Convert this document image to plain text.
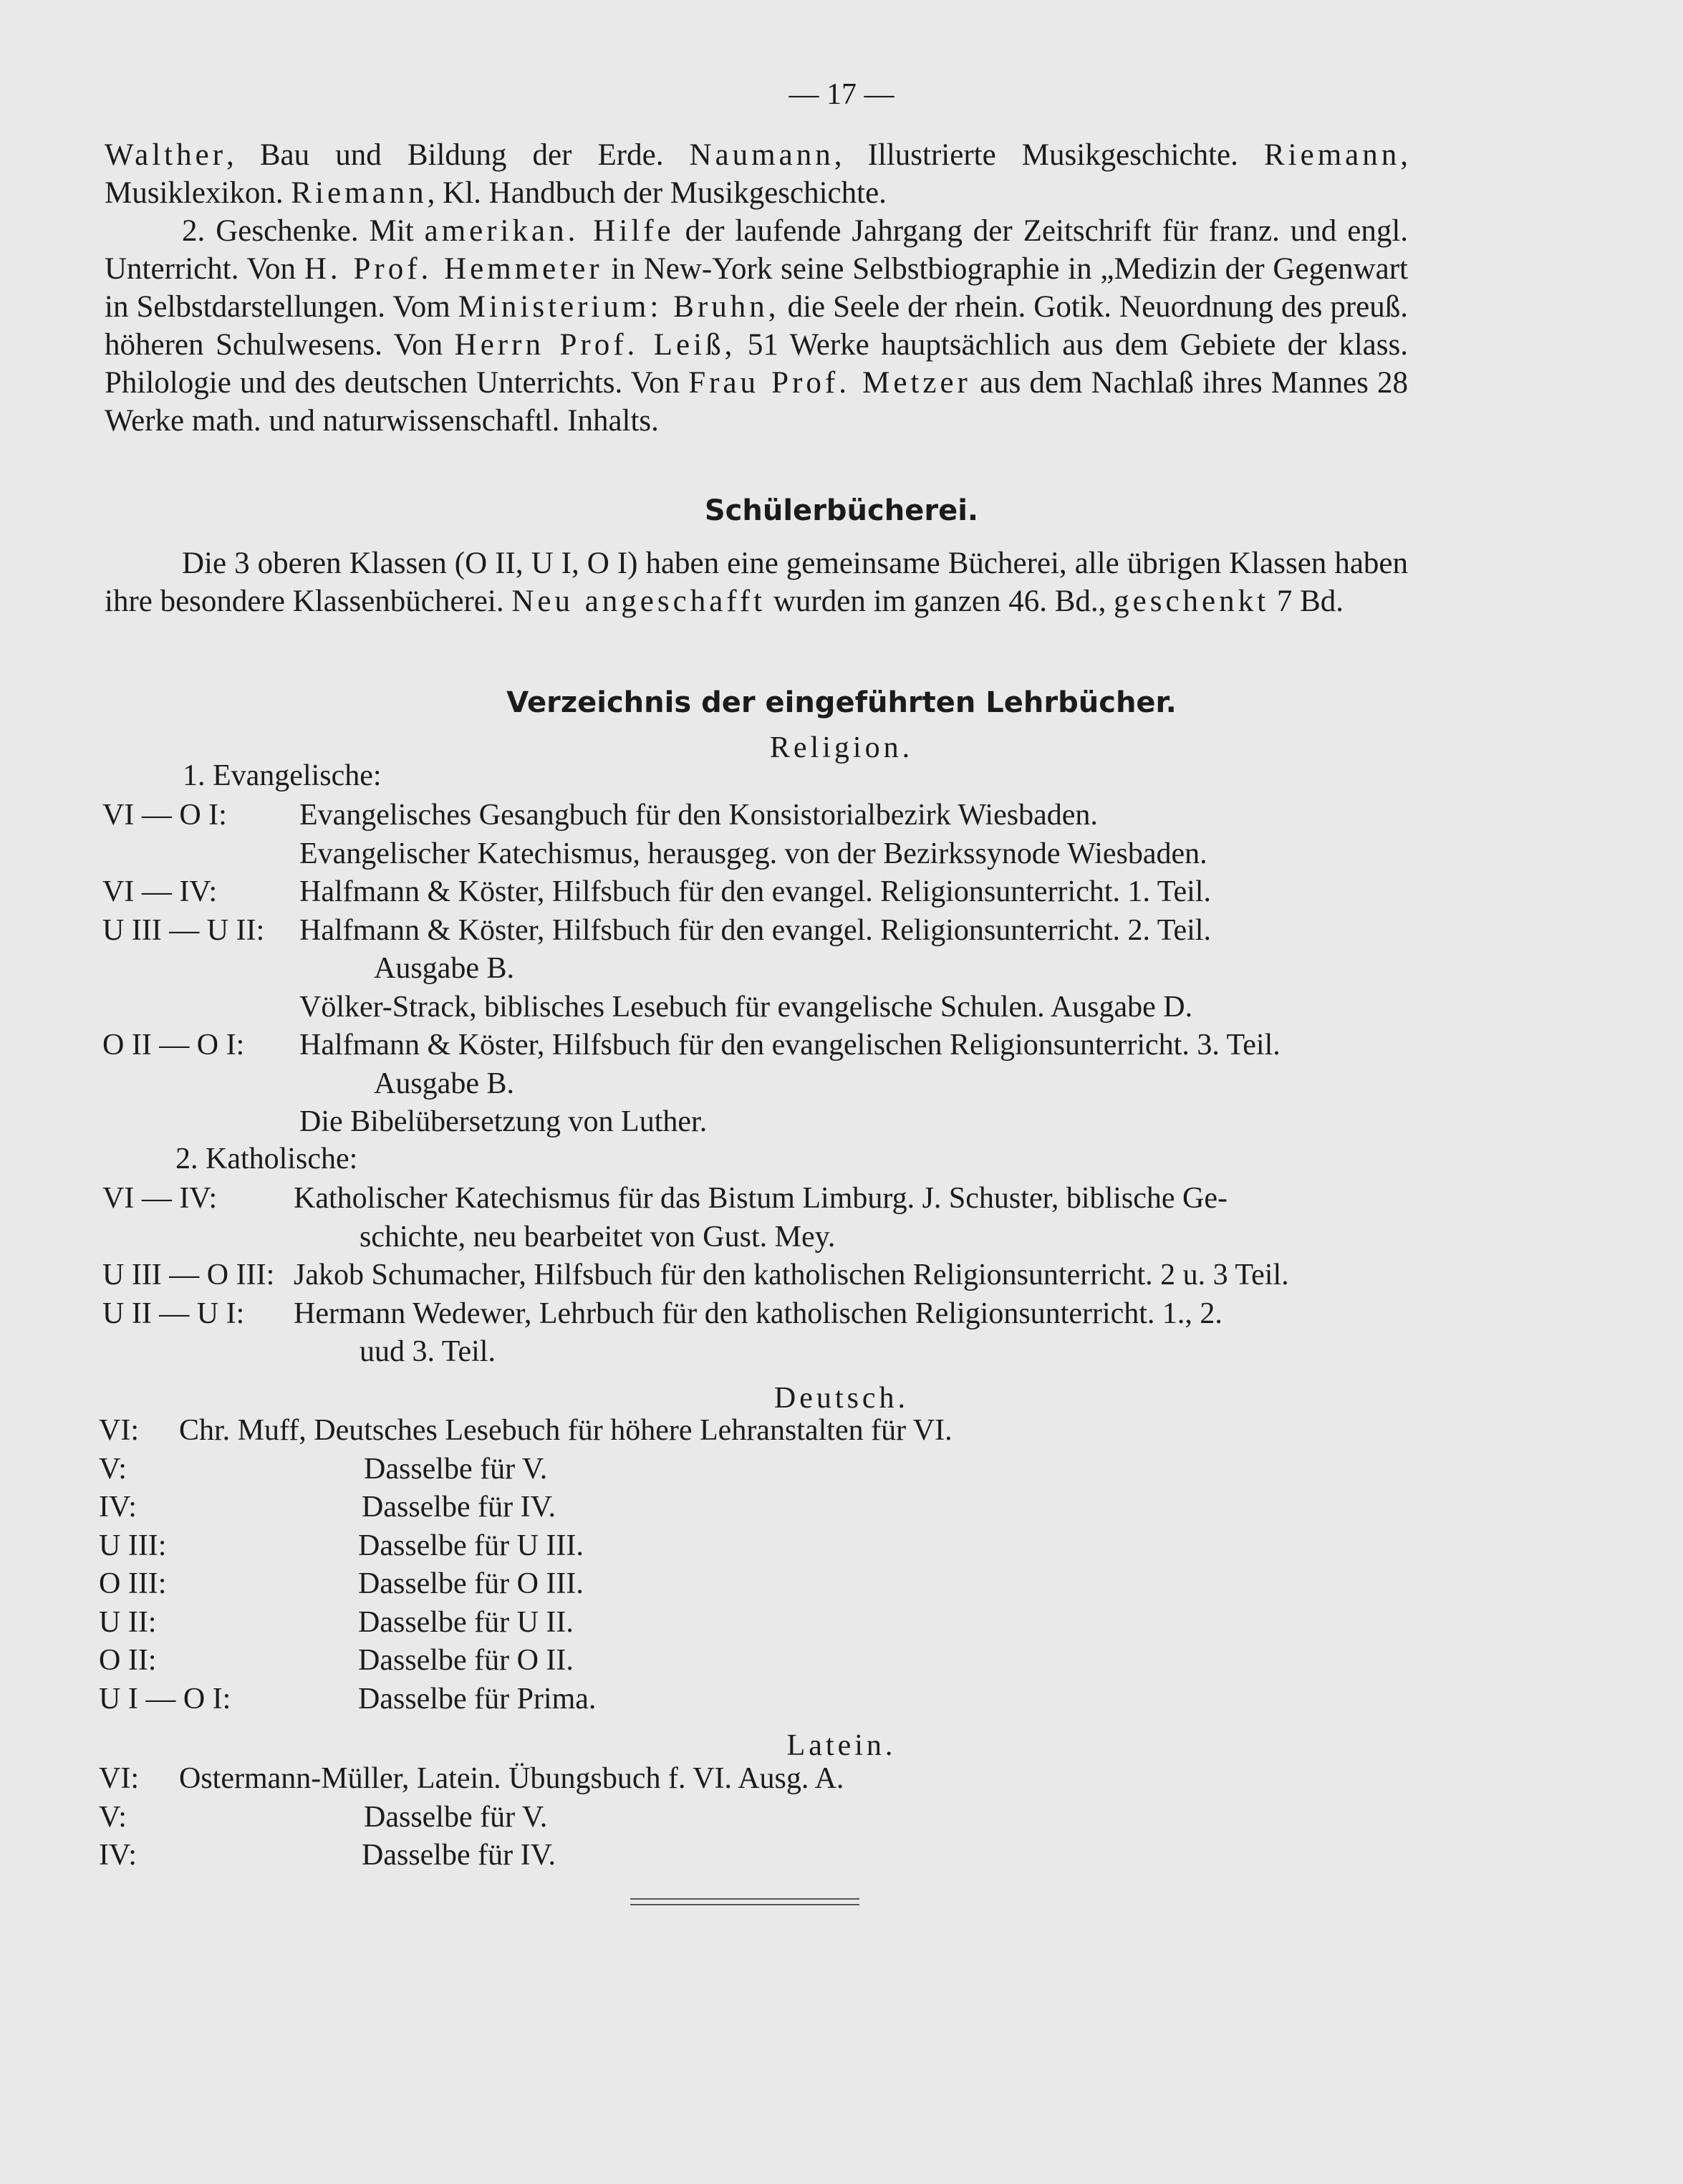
— 17 —

Walther, Bau und Bildung der Erde. Naumann, Illustrierte Musikgeschichte. Riemann,

Musiklexikon. Riemann, Kl. Handbuch der Musikgeschichte.

2. Geschenke. Mit amerikan. Hilfe der laufende Jahrgang der Zeitschrift für franz. und engl. Unterricht. Von H. Prof. Hemmeter in New-York seine Selbstbiographie in „Medizin der Gegenwart in Selbstdarstellungen. Vom Ministerium: Bruhn, die Seele der rhein. Gotik. Neuordnung des preuß. höheren Schulwesens. Von Herrn Prof. Leiß, 51 Werke hauptsächlich aus dem Gebiete der klass. Philologie und des deutschen Unterrichts. Von Frau Prof. Metzer aus dem Nachlaß ihres Mannes 28 Werke math. und naturwissenschaftl. Inhalts.

Schülerbücherei.

Die 3 oberen Klassen (O II, U I, O I) haben eine gemeinsame Bücherei, alle übrigen Klassen haben ihre besondere Klassenbücherei. Neu angeschafft wurden im ganzen 46. Bd., geschenkt 7 Bd.

Verzeichnis der eingeführten Lehrbücher.
Religion.
1. Evangelische:
VI — O I: Evangelisches Gesangbuch für den Konsistorialbezirk Wiesbaden.
Evangelischer Katechismus, herausgeg. von der Bezirkssynode Wiesbaden.
VI — IV:	Halfmann & Köster, Hilfsbuch für den evangel. Religionsunterricht. 1. Teil.
U III — U II: Halfmann & Köster, Hilfsbuch für den evangel. Religionsunterricht. 2. Teil.
Ausgabe B.
Völker-Strack, biblisches Lesebuch für evangelische Schulen. Ausgabe D.
O II — O I: Halfmann & Köster, Hilfsbuch für den evangelischen Religionsunterricht. 3. Teil.
Ausgabe B.
Die Bibelübersetzung von Luther.
2. Katholische:
VI — IV:	Katholischer Katechismus für das Bistum Limburg. J. Schuster, biblische Ge-
schichte, neu bearbeitet von Gust. Mey.
U III — O III: Jakob Schumacher, Hilfsbuch für den katholischen Religionsunterricht. 2 u. 3 Teil.
U II — U I: Hermann Wedewer, Lehrbuch für den katholischen Religionsunterricht. 1., 2.
uud 3. Teil.
Deutsch.
VI: Chr. Muff, Deutsches Lesebuch für höhere Lehranstalten für VI.
V:	Dasselbe für V.
IV:	Dasselbe für IV.
U III:	Dasselbe für U III.
O III:	Dasselbe für O III.
U II:	Dasselbe für U II.
O II:	Dasselbe für O II.
U I — O I:	Dasselbe für Prima.
Latein.
VI: Ostermann-Müller, Latein. Übungsbuch f. VI. Ausg. A.
V:	Dasselbe für V.
IV:	Dasselbe für IV.
